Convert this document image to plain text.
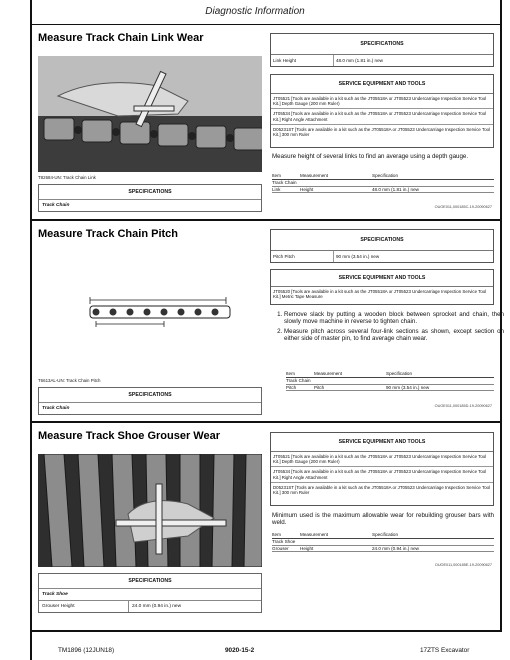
Diagnostic Information
Measure Track Chain Link Wear
T82684-UN: Track Chain Link
SPECIFICATIONS
Track Chain
SPECIFICATIONS
Link Height	48.0 mm (1.81 in.) new
SERVICE EQUIPMENT AND TOOLS
JT05521 [Tools are available in a kit such as the JT05518A or JT05523 Undercarriage Inspection Service Tool Kit.] Depth Gauge (200 mm Ruler)
JT05534 [Tools are available in a kit such as the JT05518A or JT05523 Undercarriage Inspection Service Tool Kit.] Right Angle Attachment
D05231ST [Tools are available in a kit such as the JT05518A or JT05523 Undercarriage Inspection Service Tool Kit.] 300 mm Ruler
Measure height of several links to find an average using a depth gauge.
Item	Measurement	Specification
Track Chain
Link	Height	48.0 mm (1.81 in.) new
OUOE011,000185C-19-20090627
Measure Track Chain Pitch
T6613AL-UN: Track Chain Pitch
SPECIFICATIONS
Track Chain
SPECIFICATIONS
Pitch Pitch	90 mm (3.54 in.) new
SERVICE EQUIPMENT AND TOOLS
JT05520 [Tools are available in a kit such as the JT05518A or JT05523 Undercarriage Inspection Service Tool Kit.] Metric Tape Measure
1. Remove slack by putting a wooden block between sprocket and chain, then slowly move machine in reverse to tighten chain.
2. Measure pitch across several four-link sections as shown, except section on either side of master pin, to find average chain wear.
Item	Measurement	Specification
Track Chain
Pitch	Pitch	90 mm (3.54 in.) new
OUOE011,000185D-19-20090627
Measure Track Shoe Grouser Wear
SPECIFICATIONS
Track Shoe
Grouser Height	24.0 mm (0.94 in.) new
SERVICE EQUIPMENT AND TOOLS
JT05521 [Tools are available in a kit such as the JT05518A or JT05523 Undercarriage Inspection Service Tool Kit.] Depth Gauge (200 mm Ruler)
JT05534 [Tools are available in a kit such as the JT05518A or JT05523 Undercarriage Inspection Service Tool Kit.] Right Angle Attachment
D05231ST [Tools are available in a kit such as the JT05518A or JT05523 Undercarriage Inspection Service Tool Kit.] 300 mm Ruler
Minimum used is the maximum allowable wear for rebuilding grouser bars with weld.
Item	Measurement	Specification
Track Shoe
Grouser	Height	24.0 mm (0.94 in.) new
OUOE011,000185E-19-20090627
TM1896 (12JUN18)	9020-15-2	17ZTS Excavator
